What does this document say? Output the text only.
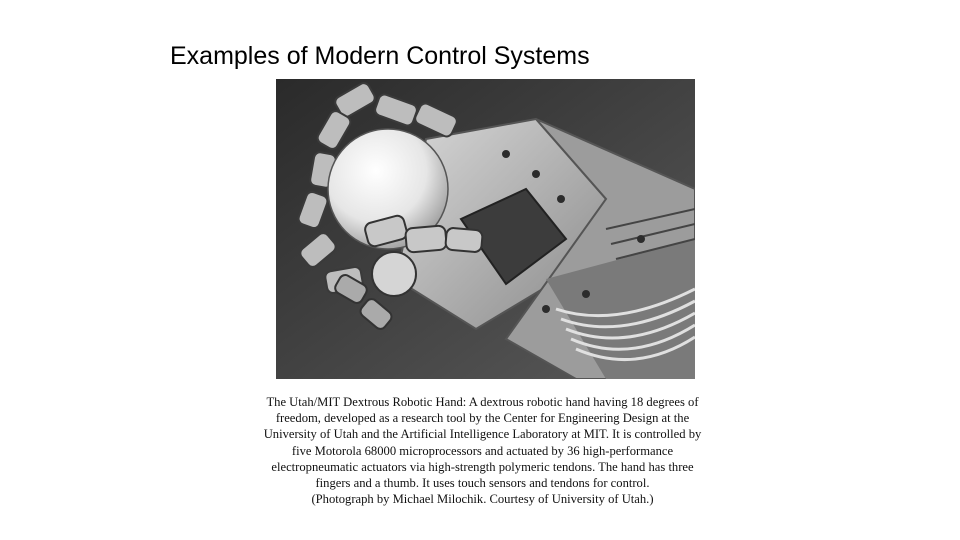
Examples of Modern Control Systems
The Utah/MIT Dextrous Robotic Hand: A dextrous robotic hand having 18 degrees of
freedom, developed as a research tool by the Center for Engineering Design at the
University of Utah and the Artificial Intelligence Laboratory at MIT. It is controlled by
five Motorola 68000 microprocessors and actuated by 36 high-performance
electropneumatic actuators via high-strength polymeric tendons. The hand has three
fingers and a thumb. It uses touch sensors and tendons for control.
(Photograph by Michael Milochik. Courtesy of University of Utah.)
